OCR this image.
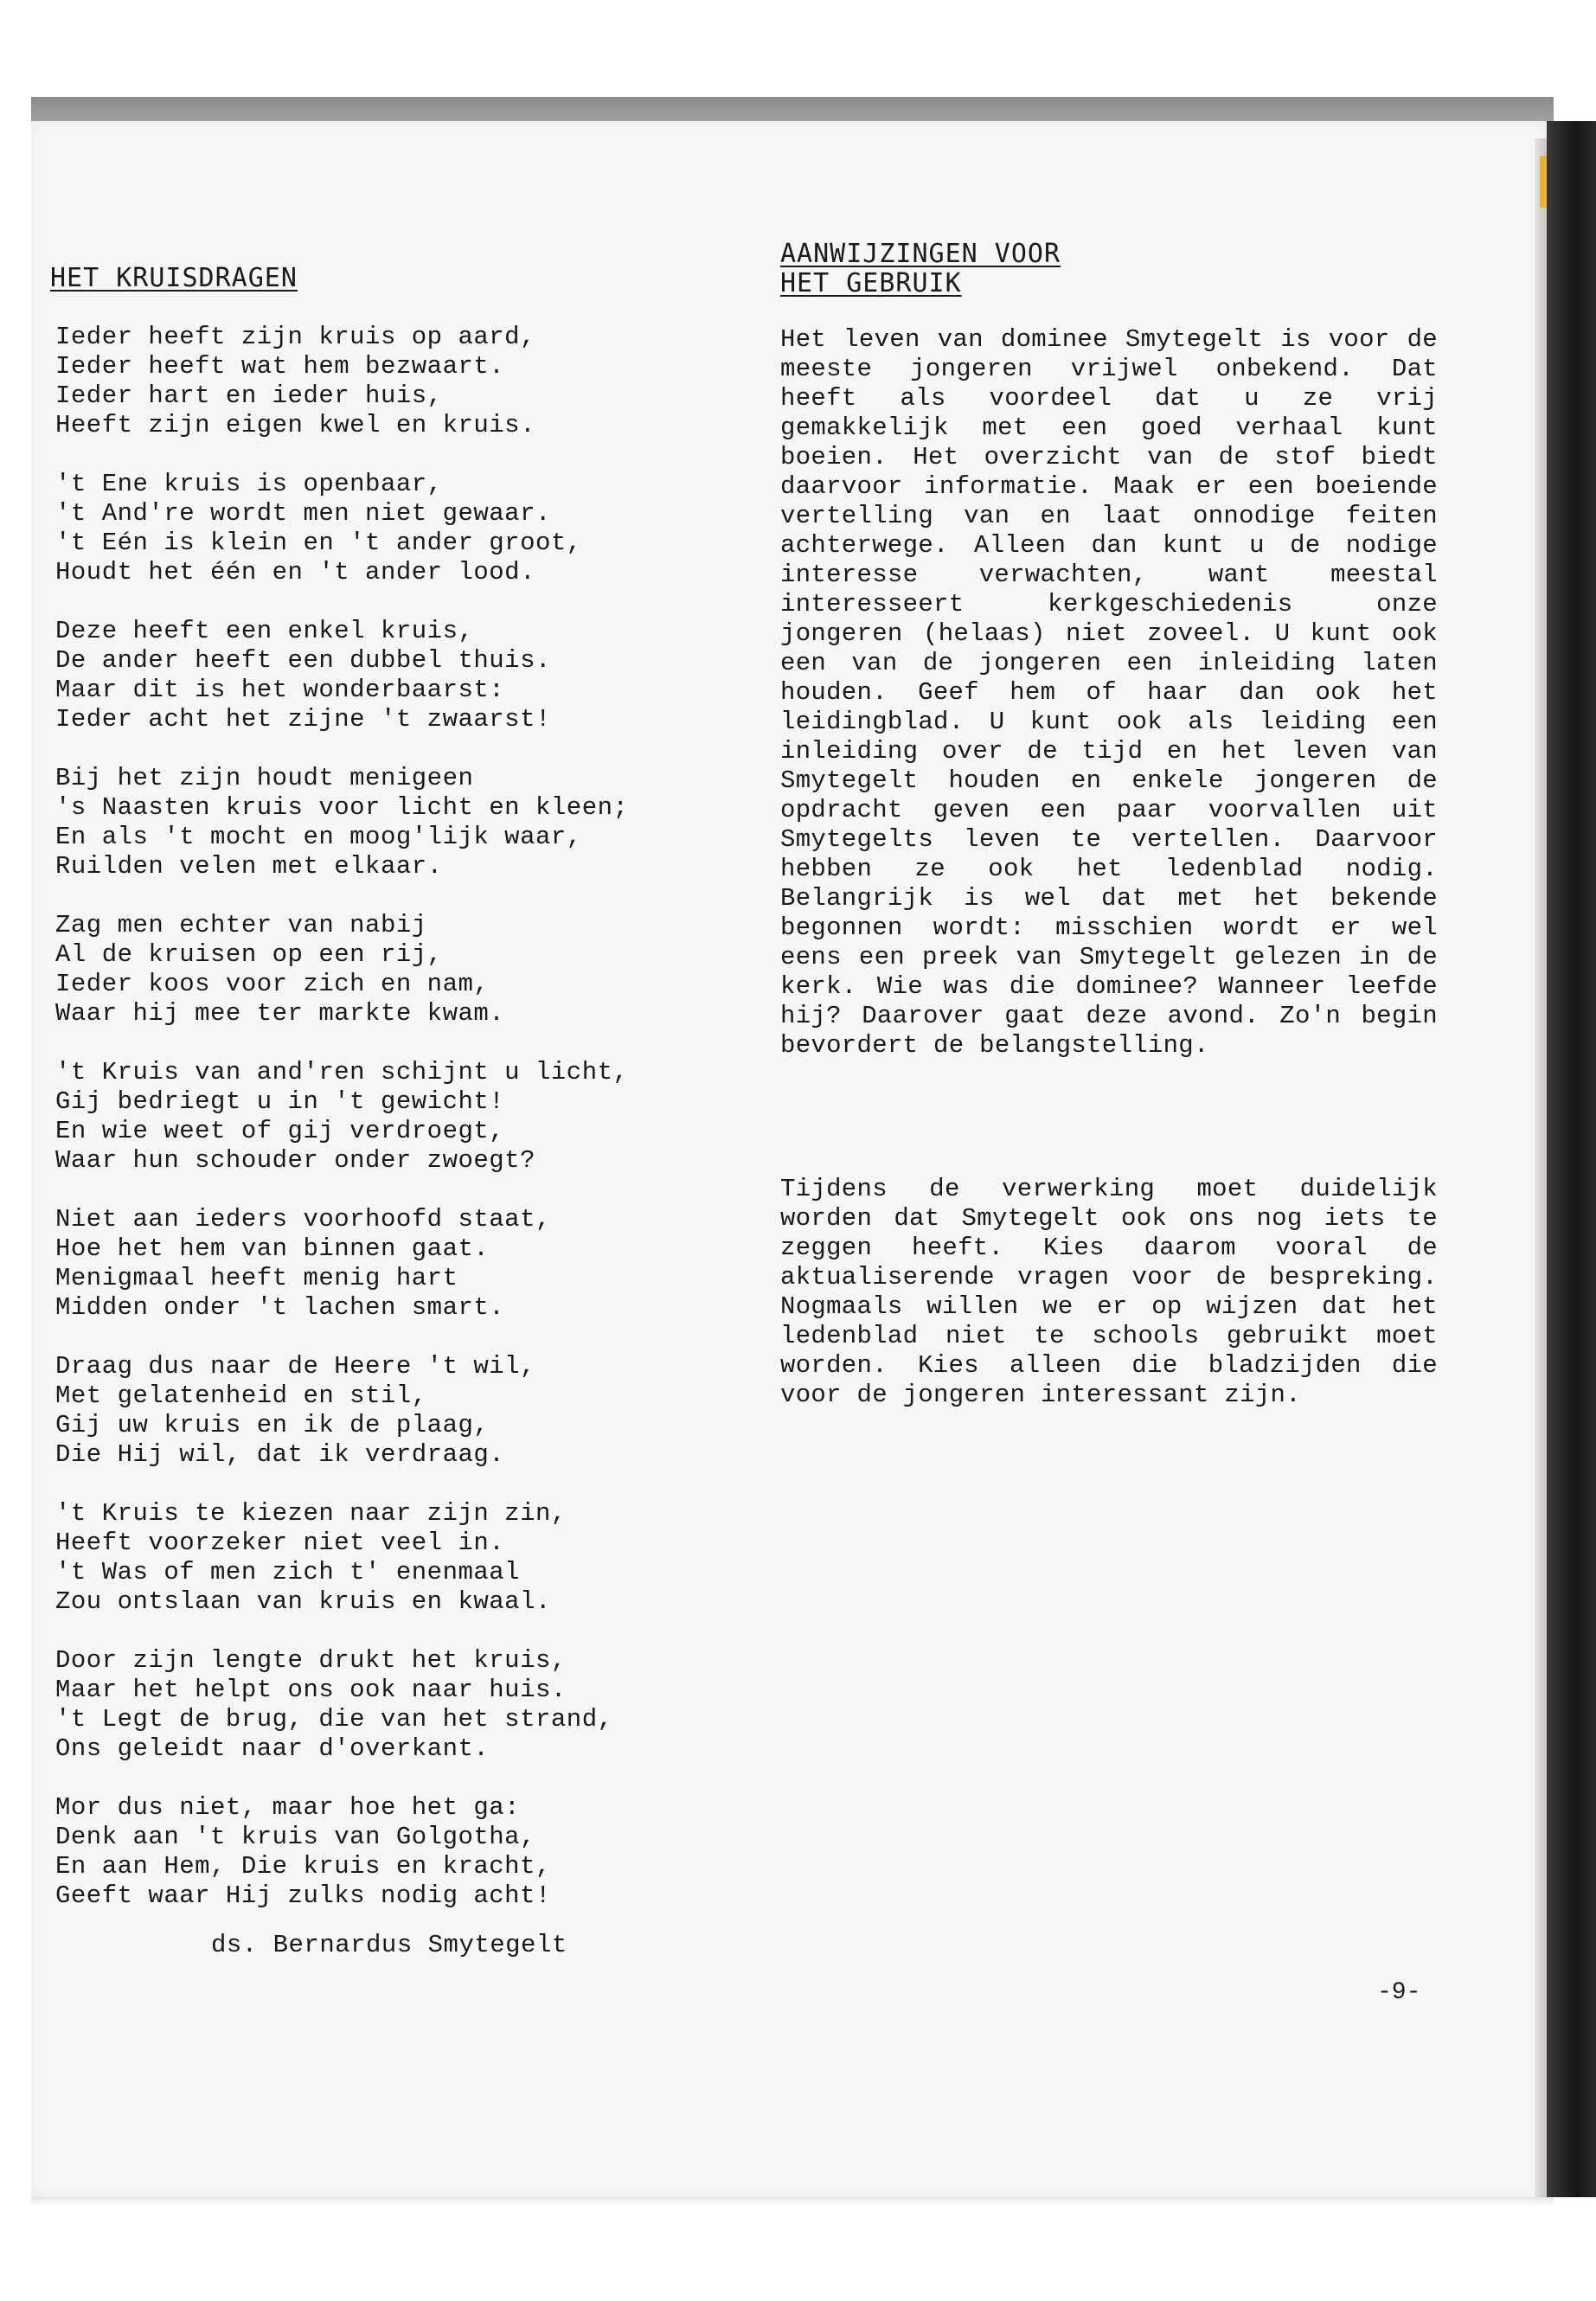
HET KRUISDRAGEN
Ieder heeft zijn kruis op aard,
Ieder heeft wat hem bezwaart.
Ieder hart en ieder huis,
Heeft zijn eigen kwel en kruis.
't Ene kruis is openbaar,
't And're wordt men niet gewaar.
't Eén is klein en 't ander groot,
Houdt het één en 't ander lood.
Deze heeft een enkel kruis,
De ander heeft een dubbel thuis.
Maar dit is het wonderbaarst:
Ieder acht het zijne 't zwaarst!
Bij het zijn houdt menigeen
's Naasten kruis voor licht en kleen;
En als 't mocht en moog'lijk waar,
Ruilden velen met elkaar.
Zag men echter van nabij
Al de kruisen op een rij,
Ieder koos voor zich en nam,
Waar hij mee ter markte kwam.
't Kruis van and'ren schijnt u licht,
Gij bedriegt u in 't gewicht!
En wie weet of gij verdroegt,
Waar hun schouder onder zwoegt?
Niet aan ieders voorhoofd staat,
Hoe het hem van binnen gaat.
Menigmaal heeft menig hart
Midden onder 't lachen smart.
Draag dus naar de Heere 't wil,
Met gelatenheid en stil,
Gij uw kruis en ik de plaag,
Die Hij wil, dat ik verdraag.
't Kruis te kiezen naar zijn zin,
Heeft voorzeker niet veel in.
't Was of men zich t' enenmaal
Zou ontslaan van kruis en kwaal.
Door zijn lengte drukt het kruis,
Maar het helpt ons ook naar huis.
't Legt de brug, die van het strand,
Ons geleidt naar d'overkant.
Mor dus niet, maar hoe het ga:
Denk aan 't kruis van Golgotha,
En aan Hem, Die kruis en kracht,
Geeft waar Hij zulks nodig acht!

ds. Bernardus Smytegelt

AANWIJZINGEN VOOR
HET GEBRUIK

Het leven van dominee Smytegelt is voor de meeste jongeren vrijwel onbekend. Dat heeft als voordeel dat u ze vrij gemakkelijk met een goed verhaal kunt boeien. Het overzicht van de stof biedt daarvoor informatie. Maak er een boeiende vertelling van en laat onnodige feiten achterwege. Alleen dan kunt u de nodige interesse verwachten, want meestal interesseert kerkgeschiedenis onze jongeren (helaas) niet zoveel. U kunt ook een van de jongeren een inleiding laten houden. Geef hem of haar dan ook het leidingblad. U kunt ook als leiding een inleiding over de tijd en het leven van Smytegelt houden en enkele jongeren de opdracht geven een paar voorvallen uit Smytegelts leven te vertellen. Daarvoor hebben ze ook het ledenblad nodig. Belangrijk is wel dat met het bekende begonnen wordt: misschien wordt er wel eens een preek van Smytegelt gelezen in de kerk. Wie was die dominee? Wanneer leefde hij? Daarover gaat deze avond. Zo'n begin bevordert de belangstelling.

Tijdens de verwerking moet duidelijk worden dat Smytegelt ook ons nog iets te zeggen heeft. Kies daarom vooral de aktualiserende vragen voor de bespreking. Nogmaals willen we er op wijzen dat het ledenblad niet te schools gebruikt moet worden. Kies alleen die bladzijden die voor de jongeren interessant zijn.

-9-
